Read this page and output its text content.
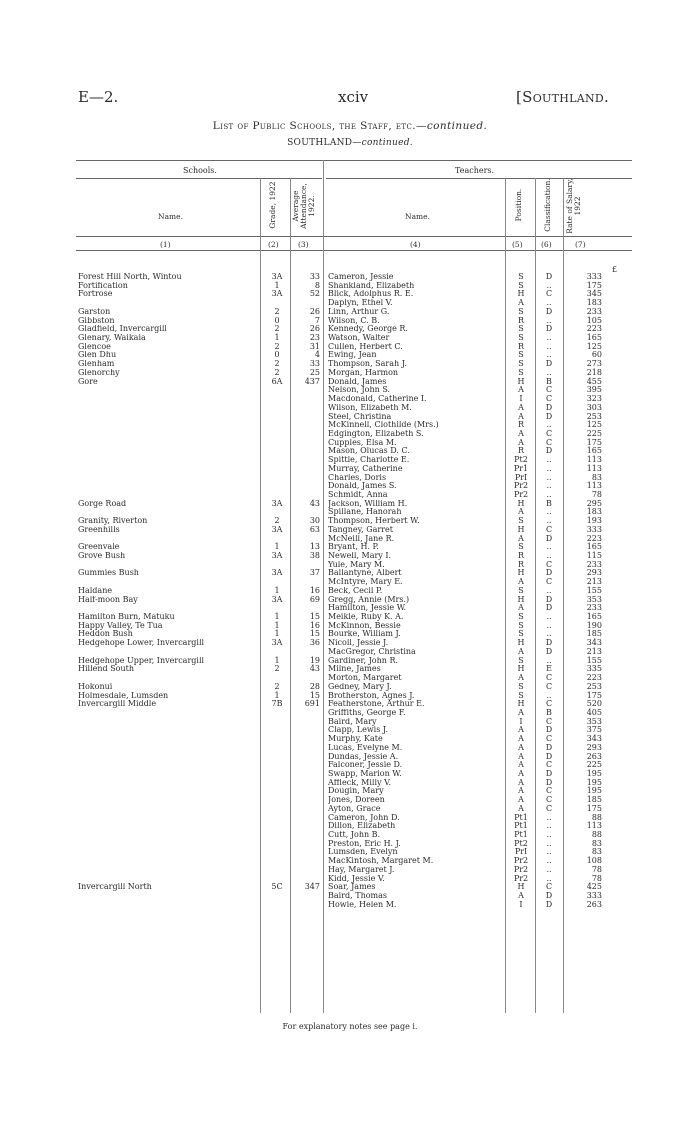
E—2.	xciv	[Southland.
List of Public Schools, the Staff, etc.—continued.
SOUTHLAND—continued.
Schools.	Teachers.
Name.	Grade, 1922 Average Attendance, 1922.	Name.	Position.	Classification. Rate of Salary, 1922
(1)	(2)	(3)	(4)	(5) (6)	(7)
£
Forest Hill North, Wintou	3A	33 Cameron, Jessie	S	D	333
Fortification	1	8 Shankland, Elizabeth	S	..	175
Fortrose	3A	52 Blick, Adolphus R. E.	H	C	345
Daplyn, Ethel V.	A	..	183
Garston	2	26 Linn, Arthur G.	S	D	233
Gibbston	0	7 Wilson, C. B.	R	..	105
Gladfield, Invercargill	2	26 Kennedy, George R.	S	D	223
Glenary, Waikaia	1	23 Watson, Walter	S	..	165
Glencoe	2	31 Cullen, Herbert C.	R	..	125
Glen Dhu	0	4 Ewing, Jean	S	..	60
Glenham	2	33 Thompson, Sarah J.	S	D	273
Glenorchy	2	25 Morgan, Harmon	S	..	218
Gore	6A	437 Donald, James	H	B	455
Nelson, John S.	A	C	395
Macdonald, Catherine I.	I	C	323
Wilson, Elizabeth M.	A	D	303
Steel, Christina	A	D	253
McKinnell, Clothilde (Mrs.)	R	..	125
Edgington, Elizabeth S.	A	C	225
Cupples, Elsa M.	A	C	175
Mason, Olucas D. C.	R	D	165
Spittle, Charlotte E.	Pt2	..	113
Murray, Catherine	Pr1	..	113
Charles, Doris	PrI	..	83
Donald, James S.	Pr2	..	113
Schmidt, Anna	Pr2	..	78
Gorge Road	3A	43 Jackson, William H.	H	B	295
Spillane, Hanorah	A	..	183
Granity, Riverton	2	30 Thompson, Herbert W.	S	..	193
Greenhills	3A	63 Tangney, Garret	H	C	333
McNeill, Jane R.	A	D	223
Greenvale	1	13 Bryant, H. P.	S	..	165
Grove Bush	3A	38 Newell, Mary I.	R	..	115
Yule, Mary M.	R	C	233
Gummies Bush	3A	37 Ballantyne, Albert	H	D	293
McIntyre, Mary E.	A	C	213
Haldane	1	16 Beck, Cecil P.	S	..	155
Half-moon Bay	3A	69 Gregg, Annie (Mrs.)	H	D	353
Hamilton, Jessie W.	A	D	233
Hamilton Burn, Matuku	1	15 Meikle, Ruby K. A.	S	..	165
Happy Valley, Te Tua	1	16 McKinnon, Bessie	S	..	190
Heddon Bush	1	15 Bourke, William J.	S	..	185
Hedgehope Lower, Invercargill	3A	36 Nicoll, Jessie J.	H	D	343
MacGregor, Christina	A	D	213
Hedgehope Upper, Invercargill	1	19 Gardiner, John R.	S	..	155
Hillend South	2	43 Milne, James	H	E	335
Morton, Margaret	A	C	223
Hokonui	2	28 Gedney, Mary J.	S	C	253
Holmesdale, Lumsden	1	15 Brotherston, Agnes J.	S	..	175
Invercargill Middle	7B	691 Featherstone, Arthur E.	H	C	520
Griffiths, George F.	A	B	405
Baird, Mary	I	C	353
Clapp, Lewis J.	A	D	375
Murphy, Kate	A	C	343
Lucas, Evelyne M.	A	D	293
Dundas, Jessie A.	A	D	263
Falconer, Jessie D.	A	C	225
Swapp, Marion W.	A	D	195
Affleck, Milly V.	A	D	195
Dougin, Mary	A	C	195
Jones, Doreen	A	C	185
Ayton, Grace	A	C	175
Cameron, John D.	Pt1	..	88
Dillon, Elizabeth	Pt1	..	113
Cutt, John B.	Pt1	..	88
Preston, Eric H. J.	Pt2	..	83
Lumsden, Evelyn	PrI	..	83
MacKintosh, Margaret M.	Pr2	..	108
Hay, Margaret J.	Pr2	..	78
Kidd, Jessie V.	Pr2	..	78
Invercargill North	5C	347 Soar, James	H	C	425
Baird, Thomas	A	D	333
Howie, Helen M.	I	D	263
For explanatory notes see page i.
